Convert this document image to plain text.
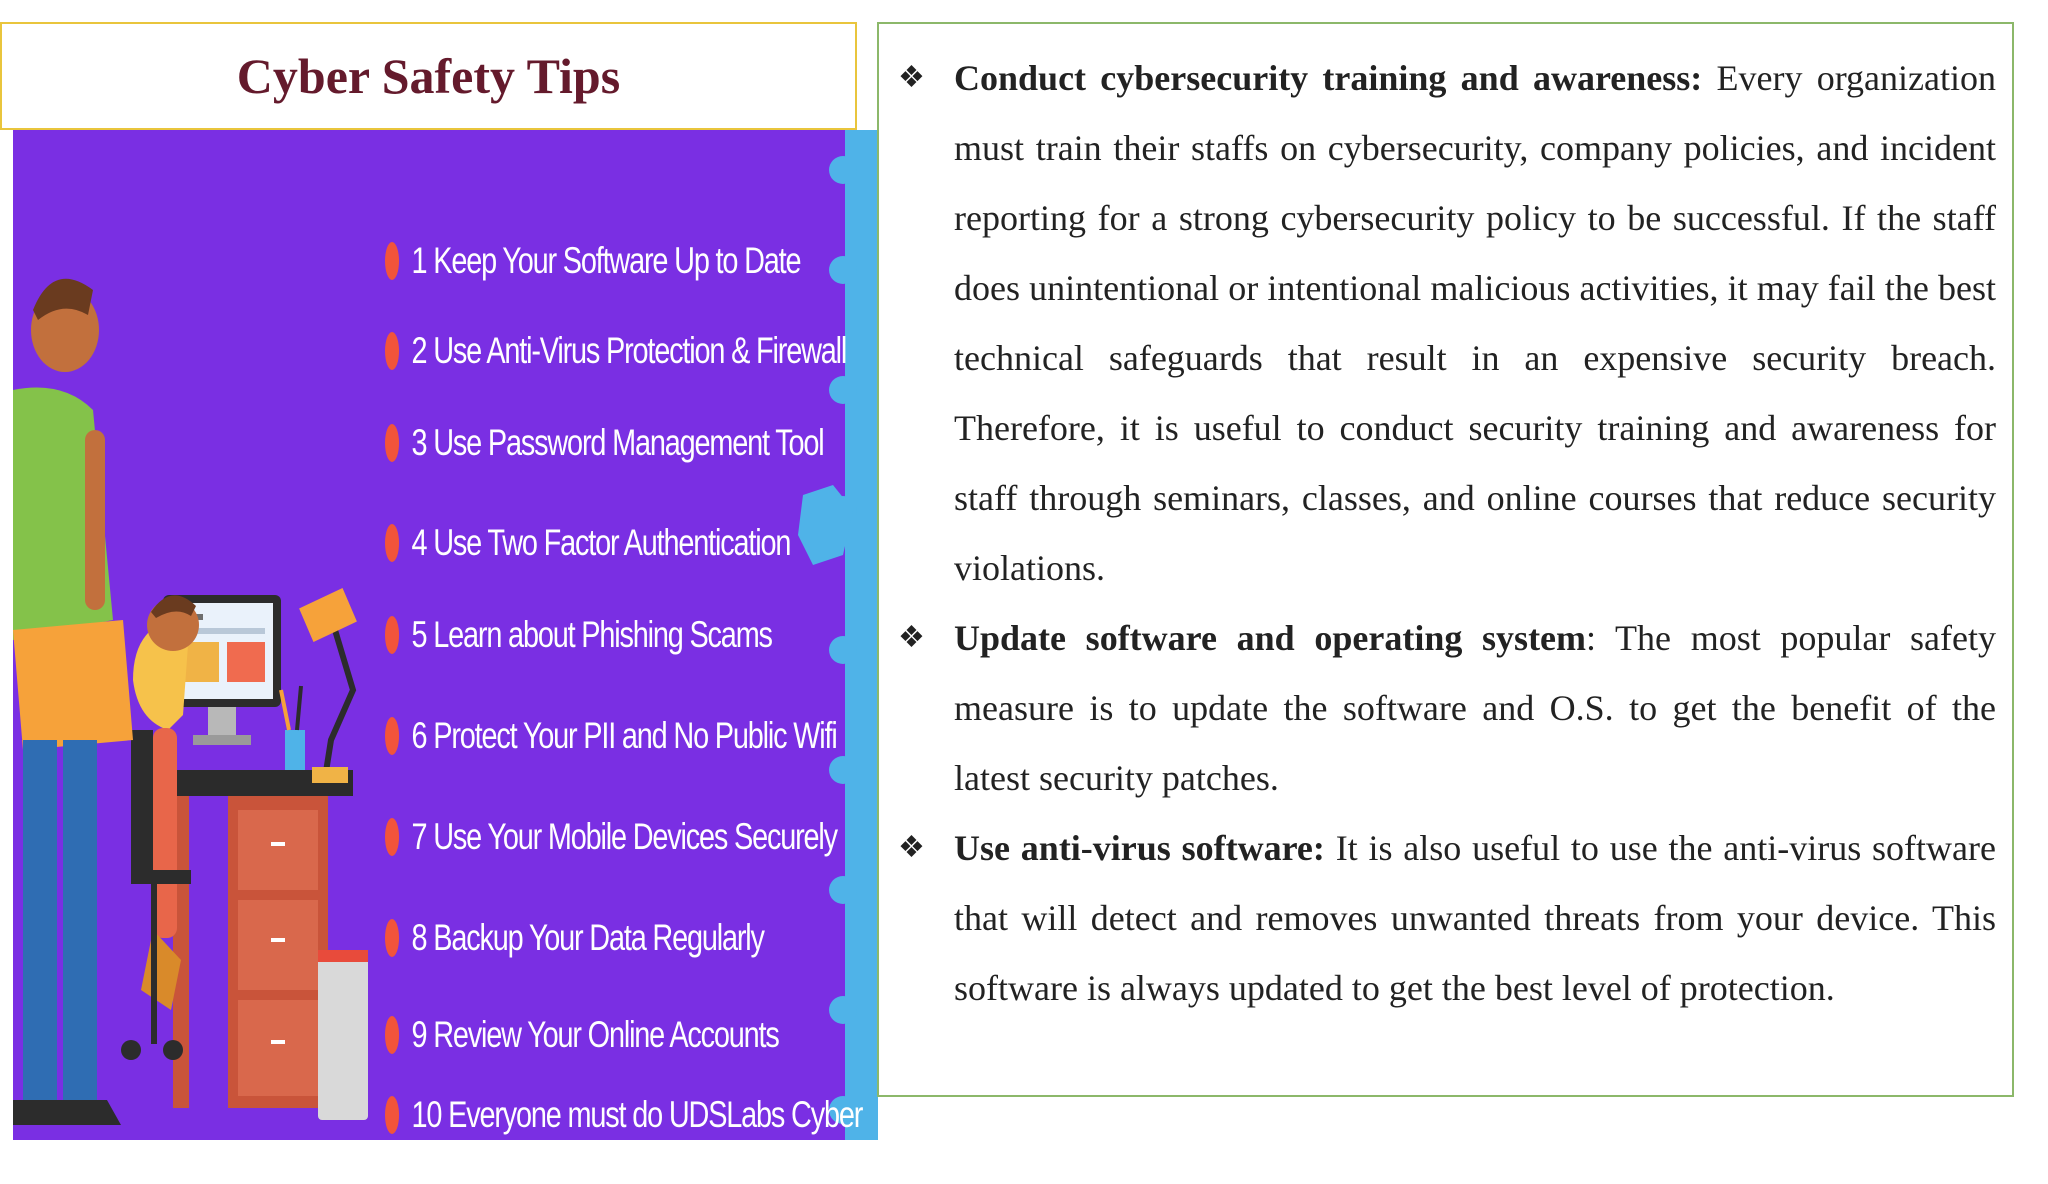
Cyber Safety Tips
1 Keep Your Software Up to Date
2 Use Anti-Virus Protection & Firewall
3 Use Password Management Tool
4 Use Two Factor Authentication
5 Learn about Phishing Scams
6 Protect Your PII and No Public Wifi
7 Use Your Mobile Devices Securely
8 Backup Your Data Regularly
9 Review Your Online Accounts
10 Everyone must do UDSLabs Cyber
Security Awareness Course
❖ Conduct cybersecurity training and awareness: Every organization must train their staffs on cybersecurity, company policies, and incident reporting for a strong cybersecurity policy to be successful. If the staff does unintentional or intentional malicious activities, it may fail the best technical safeguards that result in an expensive security breach. Therefore, it is useful to conduct security training and awareness for staff through seminars, classes, and online courses that reduce security violations.
❖ Update software and operating system: The most popular safety measure is to update the software and O.S. to get the benefit of the latest security patches.
❖ Use anti-virus software: It is also useful to use the anti-virus software that will detect and removes unwanted threats from your device. This software is always updated to get the best level of protection.
